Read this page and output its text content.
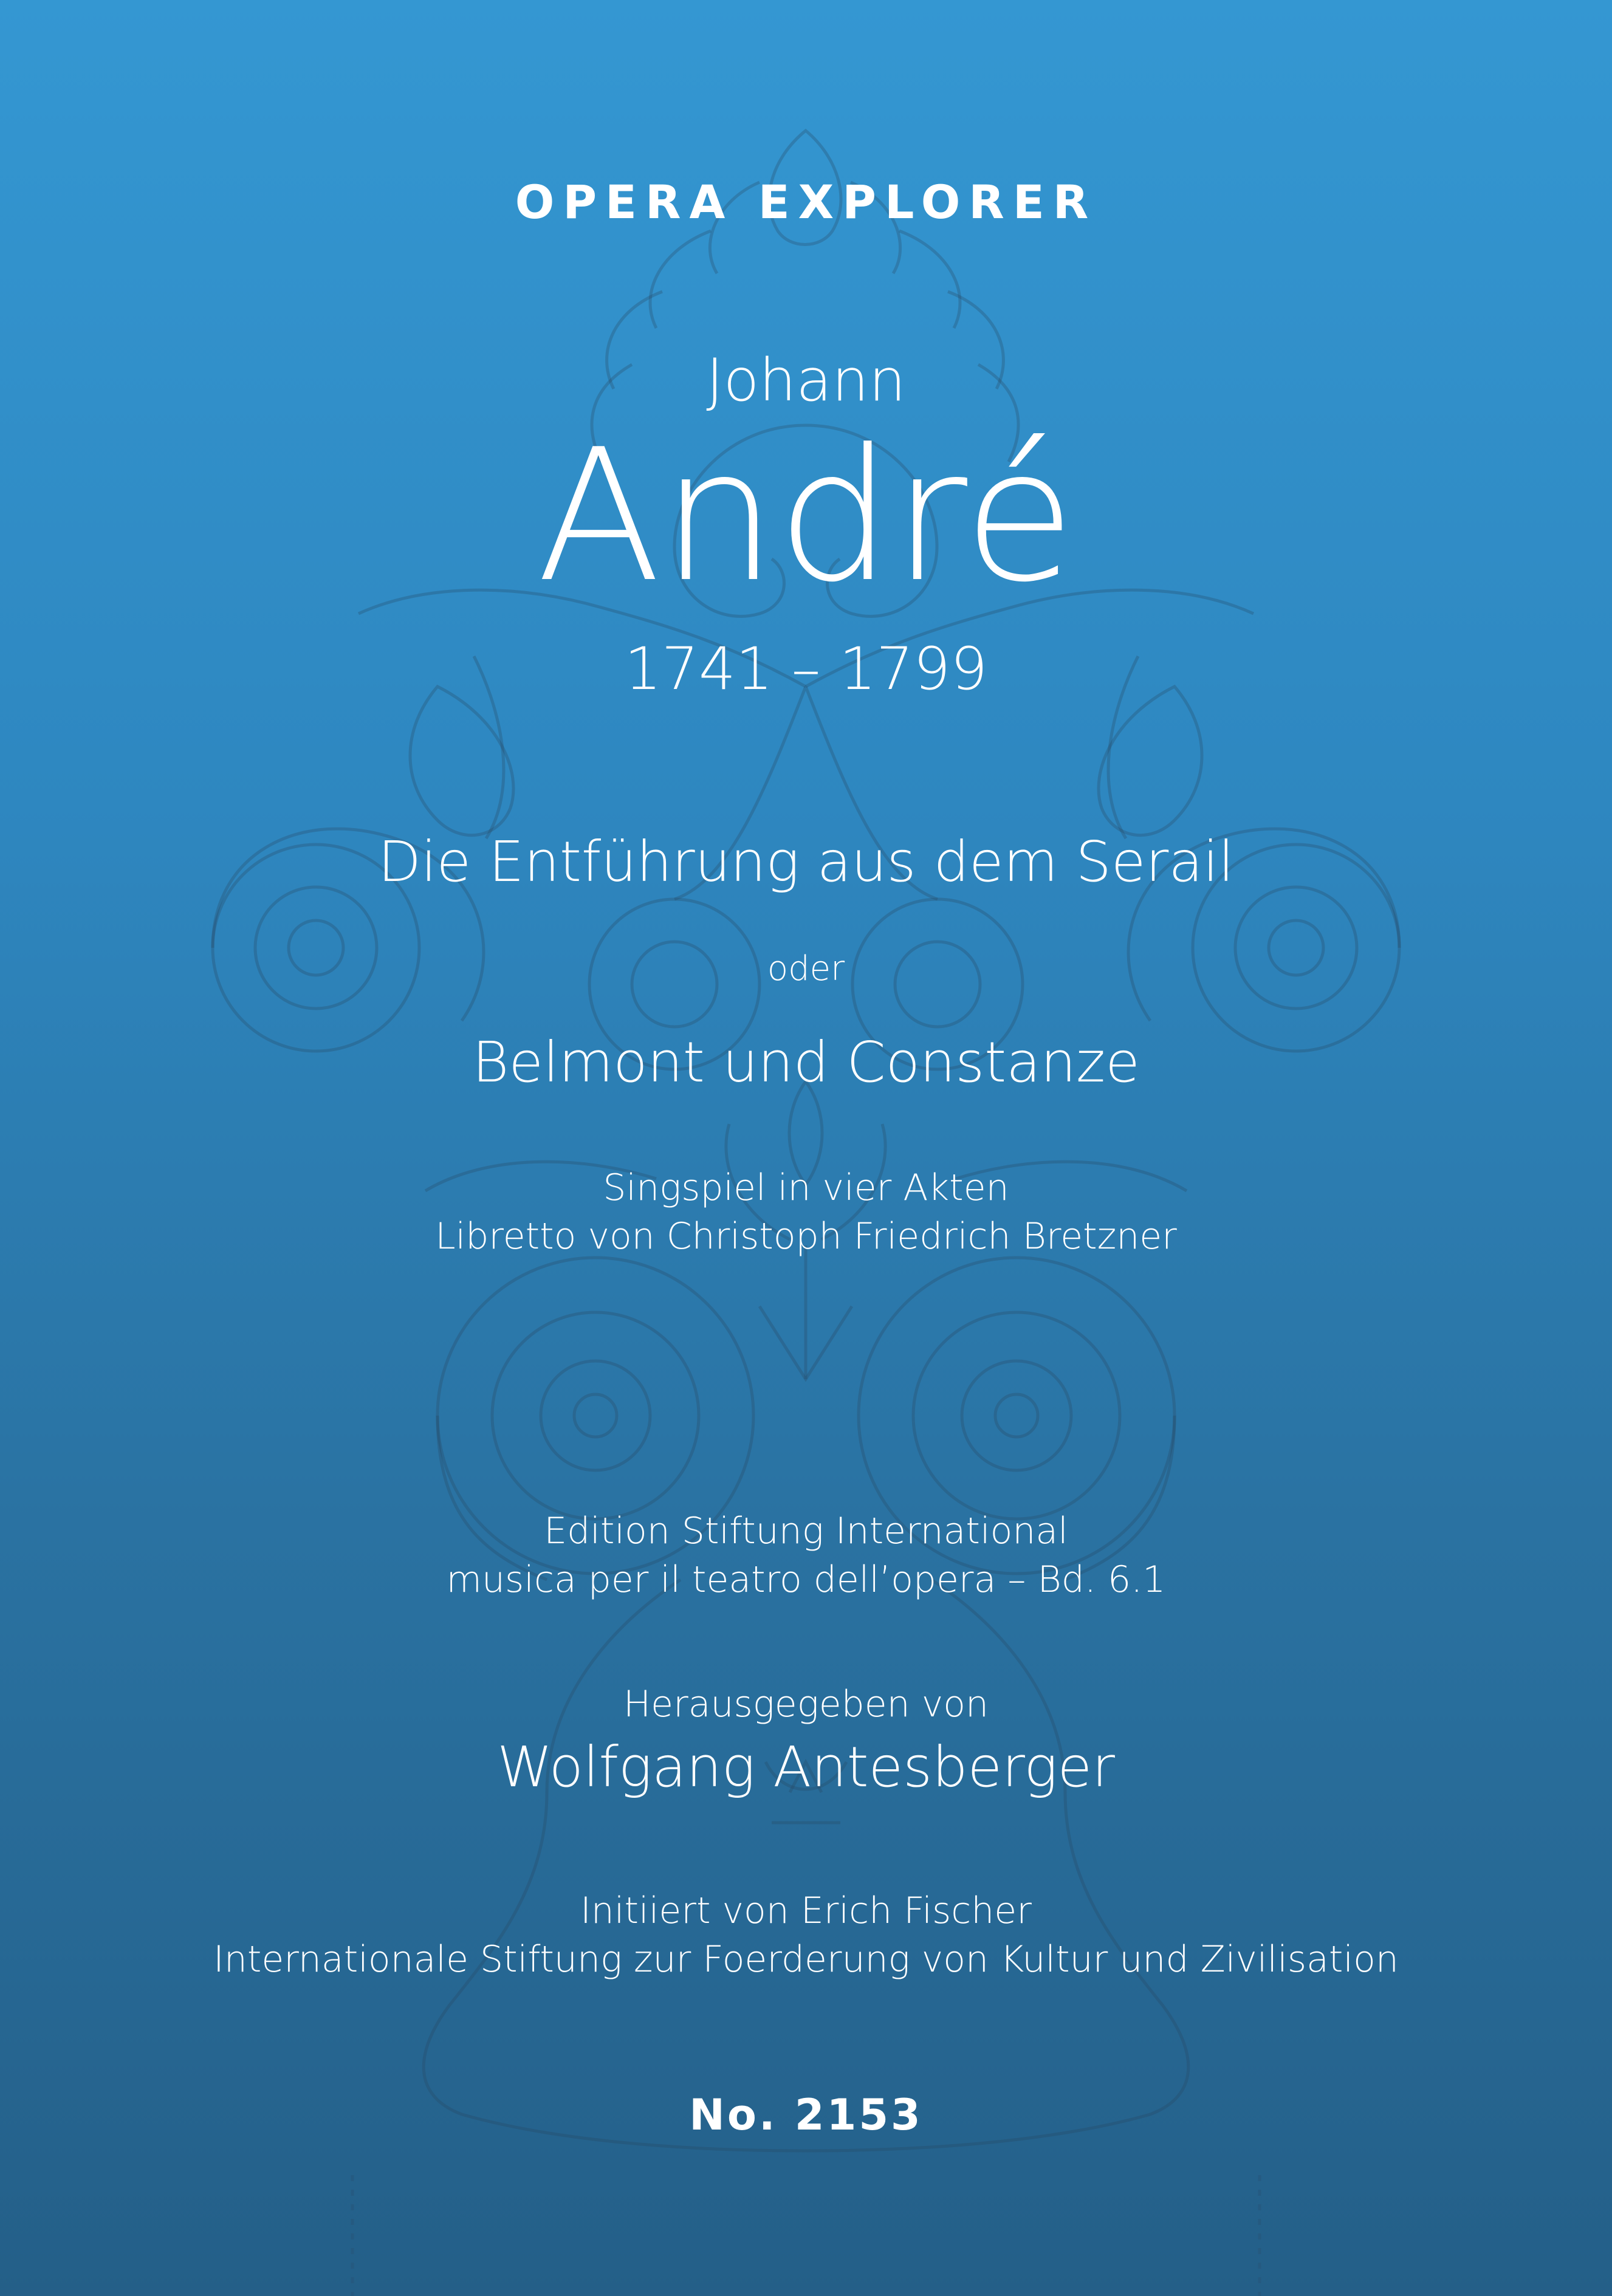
OPERA EXPLORER
Johann
André
1741 – 1799
Die Entführung aus dem Serail
oder
Belmont und Constanze
Singspiel in vier Akten
Libretto von Christoph Friedrich Bretzner
Edition Stiftung International
musica per il teatro dell’opera – Bd. 6.1
Herausgegeben von
Wolfgang Antesberger
Initiiert von Erich Fischer
Internationale Stiftung zur Foerderung von Kultur und Zivilisation
No. 2153
